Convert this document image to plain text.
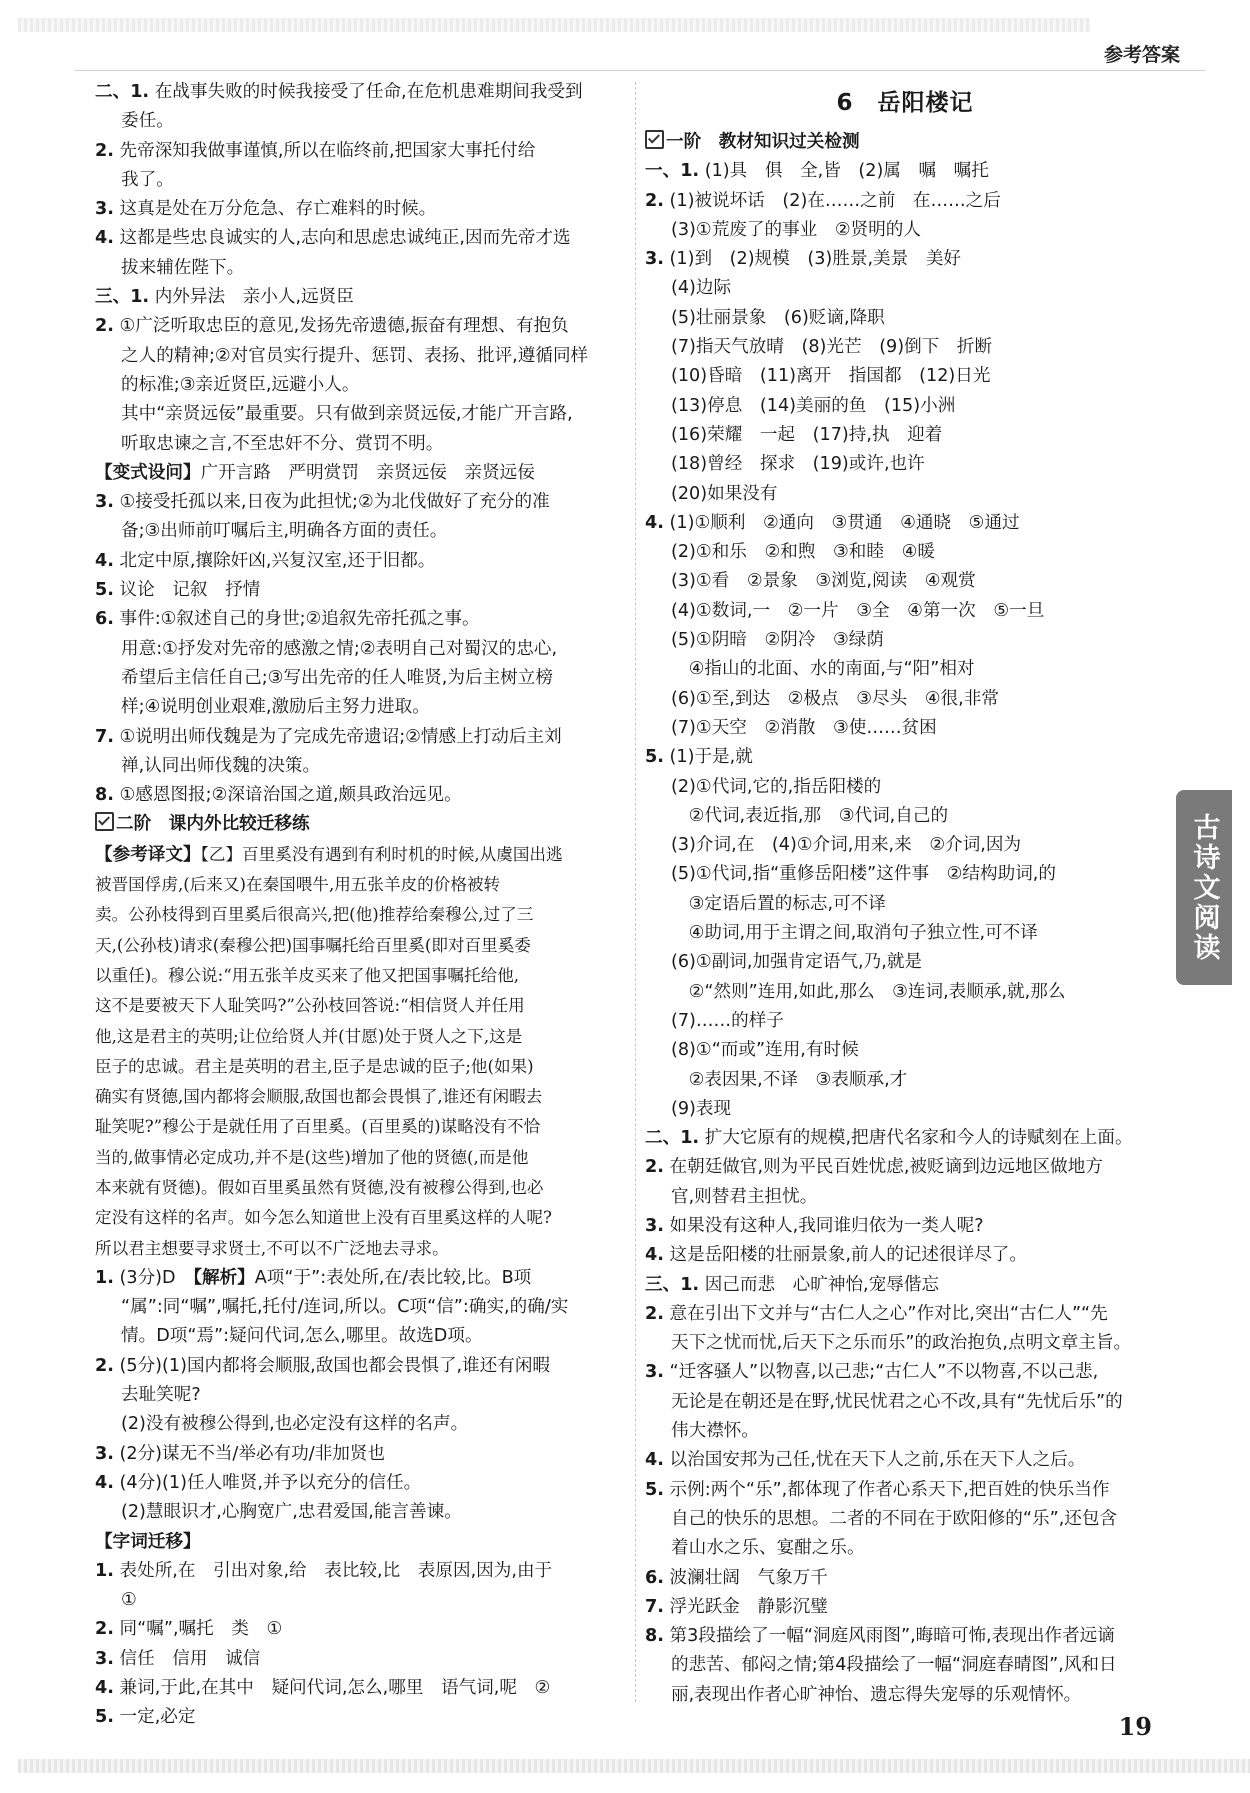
参考答案
二、1. 在战事失败的时候我接受了任命,在危机患难期间我受到
委任。
2. 先帝深知我做事谨慎,所以在临终前,把国家大事托付给
我了。
3. 这真是处在万分危急、存亡难料的时候。
4. 这都是些忠良诚实的人,志向和思虑忠诚纯正,因而先帝才选
拔来辅佐陛下。
三、1. 内外异法　亲小人,远贤臣
2. ①广泛听取忠臣的意见,发扬先帝遗德,振奋有理想、有抱负
之人的精神;②对官员实行提升、惩罚、表扬、批评,遵循同样
的标准;③亲近贤臣,远避小人。
其中“亲贤远佞”最重要。只有做到亲贤远佞,才能广开言路,
听取忠谏之言,不至忠奸不分、赏罚不明。
【变式设问】广开言路　严明赏罚　亲贤远佞　亲贤远佞
3. ①接受托孤以来,日夜为此担忧;②为北伐做好了充分的准
备;③出师前叮嘱后主,明确各方面的责任。
4. 北定中原,攘除奸凶,兴复汉室,还于旧都。
5. 议论　记叙　抒情
6. 事件:①叙述自己的身世;②追叙先帝托孤之事。
用意:①抒发对先帝的感激之情;②表明自己对蜀汉的忠心,
希望后主信任自己;③写出先帝的任人唯贤,为后主树立榜
样;④说明创业艰难,激励后主努力进取。
7. ①说明出师伐魏是为了完成先帝遗诏;②情感上打动后主刘
禅,认同出师伐魏的决策。
8. ①感恩图报;②深谙治国之道,颇具政治远见。
二阶　课内外比较迁移练
【参考译文】【乙】百里奚没有遇到有利时机的时候,从虞国出逃
被晋国俘虏,(后来又)在秦国喂牛,用五张羊皮的价格被转
卖。公孙枝得到百里奚后很高兴,把(他)推荐给秦穆公,过了三
天,(公孙枝)请求(秦穆公把)国事嘱托给百里奚(即对百里奚委
以重任)。穆公说:“用五张羊皮买来了他又把国事嘱托给他,
这不是要被天下人耻笑吗?”公孙枝回答说:“相信贤人并任用
他,这是君主的英明;让位给贤人并(甘愿)处于贤人之下,这是
臣子的忠诚。君主是英明的君主,臣子是忠诚的臣子;他(如果)
确实有贤德,国内都将会顺服,敌国也都会畏惧了,谁还有闲暇去
耻笑呢?”穆公于是就任用了百里奚。(百里奚的)谋略没有不恰
当的,做事情必定成功,并不是(这些)增加了他的贤德(,而是他
本来就有贤德)。假如百里奚虽然有贤德,没有被穆公得到,也必
定没有这样的名声。如今怎么知道世上没有百里奚这样的人呢?
所以君主想要寻求贤士,不可以不广泛地去寻求。
1. (3分)D　【解析】A项“于”:表处所,在/表比较,比。B项
“属”:同“嘱”,嘱托,托付/连词,所以。C项“信”:确实,的确/实
情。D项“焉”:疑问代词,怎么,哪里。故选D项。
2. (5分)(1)国内都将会顺服,敌国也都会畏惧了,谁还有闲暇
去耻笑呢?
(2)没有被穆公得到,也必定没有这样的名声。
3. (2分)谋无不当/举必有功/非加贤也
4. (4分)(1)任人唯贤,并予以充分的信任。
(2)慧眼识才,心胸宽广,忠君爱国,能言善谏。
【字词迁移】
1. 表处所,在　引出对象,给　表比较,比　表原因,因为,由于
①
2. 同“嘱”,嘱托　类　①
3. 信任　信用　诚信
4. 兼词,于此,在其中　疑问代词,怎么,哪里　语气词,呢　②
5. 一定,必定
6　岳阳楼记
一阶　教材知识过关检测
一、1. (1)具　俱　全,皆　(2)属　嘱　嘱托
2. (1)被说坏话　(2)在……之前　在……之后
(3)①荒废了的事业　②贤明的人
3. (1)到　(2)规模　(3)胜景,美景　美好
(4)边际
(5)壮丽景象　(6)贬谪,降职
(7)指天气放晴　(8)光芒　(9)倒下　折断
(10)昏暗　(11)离开　指国都　(12)日光
(13)停息　(14)美丽的鱼　(15)小洲
(16)荣耀　一起　(17)持,执　迎着
(18)曾经　探求　(19)或许,也许
(20)如果没有
4. (1)①顺利　②通向　③贯通　④通晓　⑤通过
(2)①和乐　②和煦　③和睦　④暖
(3)①看　②景象　③浏览,阅读　④观赏
(4)①数词,一　②一片　③全　④第一次　⑤一旦
(5)①阴暗　②阴冷　③绿荫
　④指山的北面、水的南面,与“阳”相对
(6)①至,到达　②极点　③尽头　④很,非常
(7)①天空　②消散　③使……贫困
5. (1)于是,就
(2)①代词,它的,指岳阳楼的
　②代词,表近指,那　③代词,自己的
(3)介词,在　(4)①介词,用来,来　②介词,因为
(5)①代词,指“重修岳阳楼”这件事　②结构助词,的
　③定语后置的标志,可不译
　④助词,用于主谓之间,取消句子独立性,可不译
(6)①副词,加强肯定语气,乃,就是
　②“然则”连用,如此,那么　③连词,表顺承,就,那么
(7)……的样子
(8)①“而或”连用,有时候
　②表因果,不译　③表顺承,才
(9)表现
二、1. 扩大它原有的规模,把唐代名家和今人的诗赋刻在上面。
2. 在朝廷做官,则为平民百姓忧虑,被贬谪到边远地区做地方
官,则替君主担忧。
3. 如果没有这种人,我同谁归依为一类人呢?
4. 这是岳阳楼的壮丽景象,前人的记述很详尽了。
三、1. 因己而悲　心旷神怡,宠辱偕忘
2. 意在引出下文并与“古仁人之心”作对比,突出“古仁人”“先
天下之忧而忧,后天下之乐而乐”的政治抱负,点明文章主旨。
3. “迁客骚人”以物喜,以己悲;“古仁人”不以物喜,不以己悲,
无论是在朝还是在野,忧民忧君之心不改,具有“先忧后乐”的
伟大襟怀。
4. 以治国安邦为己任,忧在天下人之前,乐在天下人之后。
5. 示例:两个“乐”,都体现了作者心系天下,把百姓的快乐当作
自己的快乐的思想。二者的不同在于欧阳修的“乐”,还包含
着山水之乐、宴酣之乐。
6. 波澜壮阔　气象万千
7. 浮光跃金　静影沉璧
8. 第3段描绘了一幅“洞庭风雨图”,晦暗可怖,表现出作者远谪
的悲苦、郁闷之情;第4段描绘了一幅“洞庭春晴图”,风和日
丽,表现出作者心旷神怡、遗忘得失宠辱的乐观情怀。
古诗文阅读
19
